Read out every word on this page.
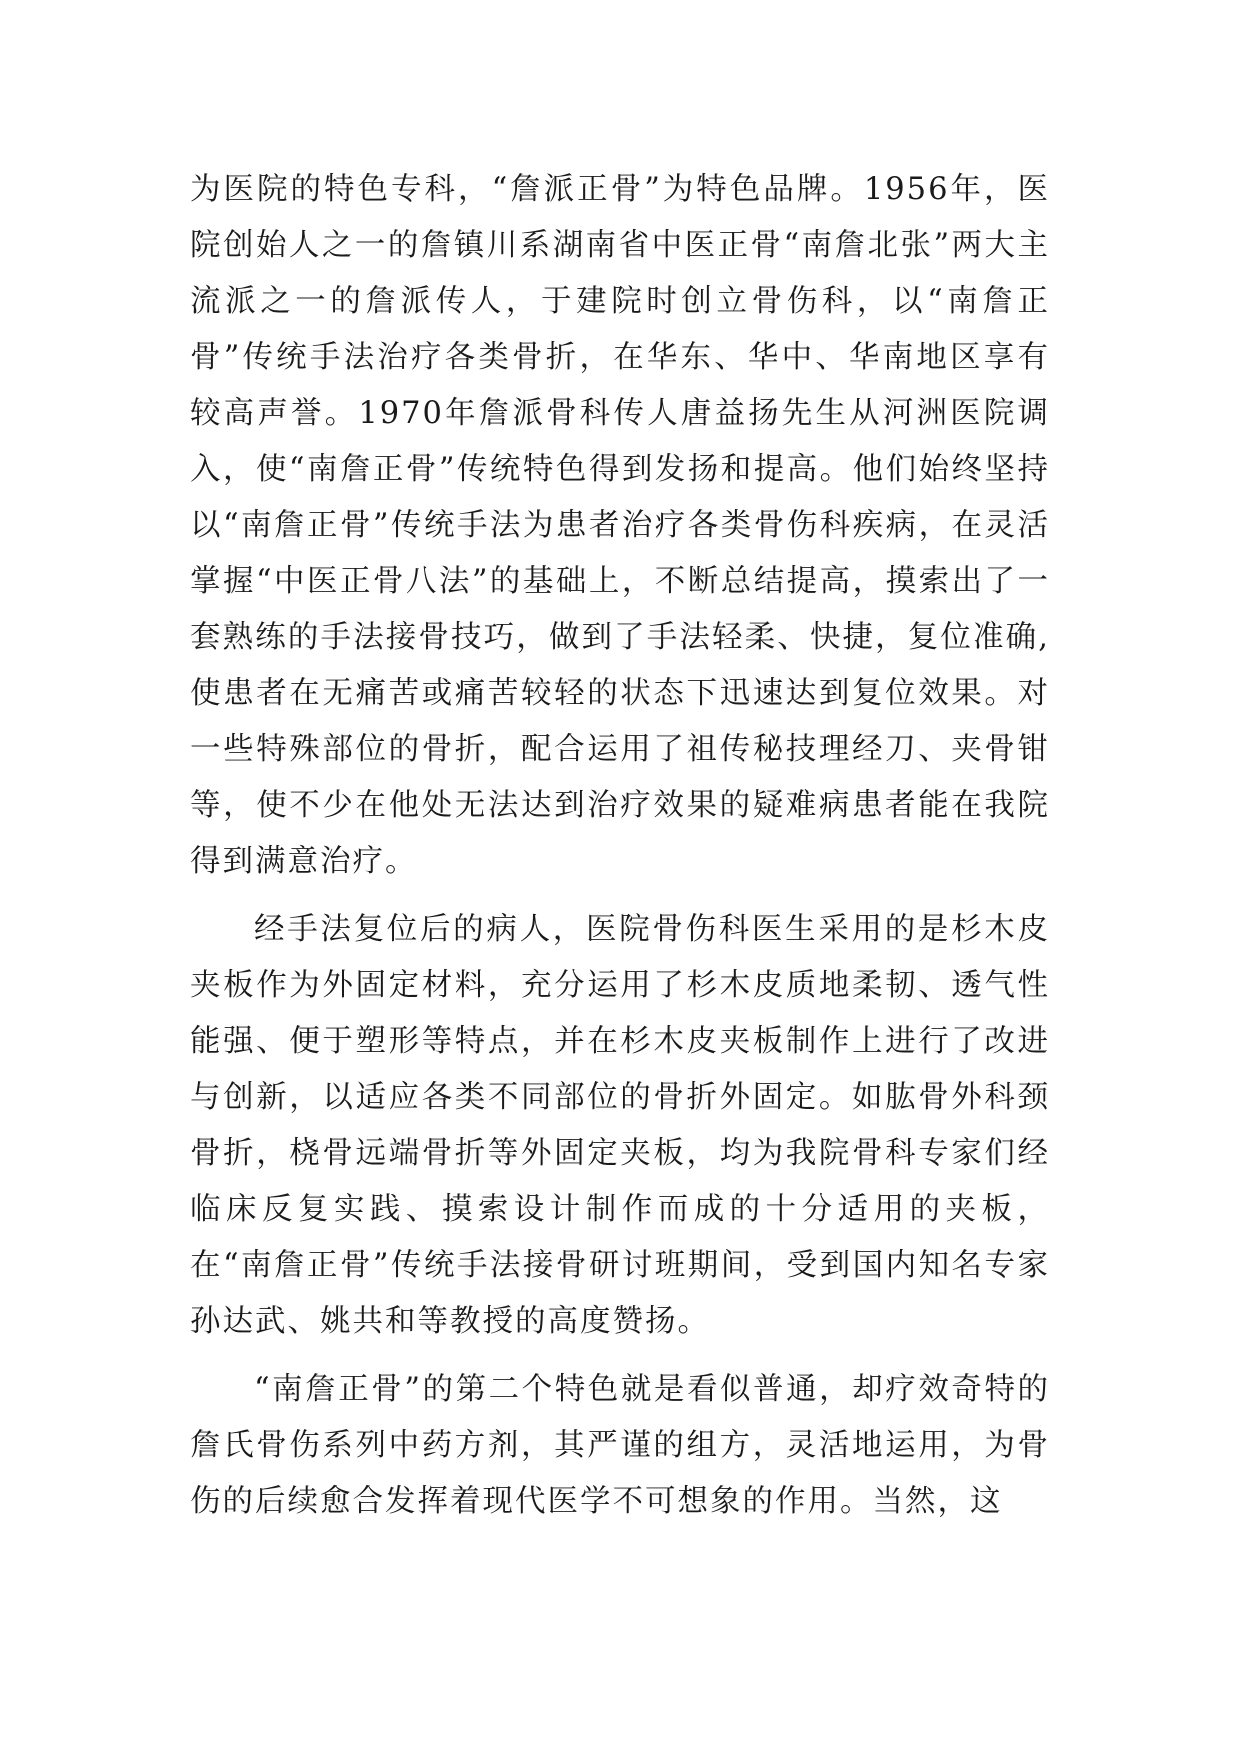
为医院的特色专科，“詹派正骨”为特色品牌。1956年，医院创始人之一的詹镇川系湖南省中医正骨“南詹北张”两大主流派之一的詹派传人，于建院时创立骨伤科，以“南詹正骨”传统手法治疗各类骨折，在华东、华中、华南地区享有较高声誉。1970年詹派骨科传人唐益扬先生从河洲医院调入，使“南詹正骨”传统特色得到发扬和提高。他们始终坚持以“南詹正骨”传统手法为患者治疗各类骨伤科疾病，在灵活掌握“中医正骨八法”的基础上，不断总结提高，摸索出了一套熟练的手法接骨技巧，做到了手法轻柔、快捷，复位准确,使患者在无痛苦或痛苦较轻的状态下迅速达到复位效果。对一些特殊部位的骨折，配合运用了祖传秘技理经刀、夹骨钳等，使不少在他处无法达到治疗效果的疑难病患者能在我院得到满意治疗。

经手法复位后的病人，医院骨伤科医生采用的是杉木皮夹板作为外固定材料，充分运用了杉木皮质地柔韧、透气性能强、便于塑形等特点，并在杉木皮夹板制作上进行了改进与创新，以适应各类不同部位的骨折外固定。如肱骨外科颈骨折，桡骨远端骨折等外固定夹板，均为我院骨科专家们经临床反复实践、摸索设计制作而成的十分适用的夹板，在“南詹正骨”传统手法接骨研讨班期间，受到国内知名专家孙达武、姚共和等教授的高度赞扬。

“南詹正骨”的第二个特色就是看似普通，却疗效奇特的詹氏骨伤系列中药方剂，其严谨的组方，灵活地运用，为骨伤的后续愈合发挥着现代医学不可想象的作用。当然，这
